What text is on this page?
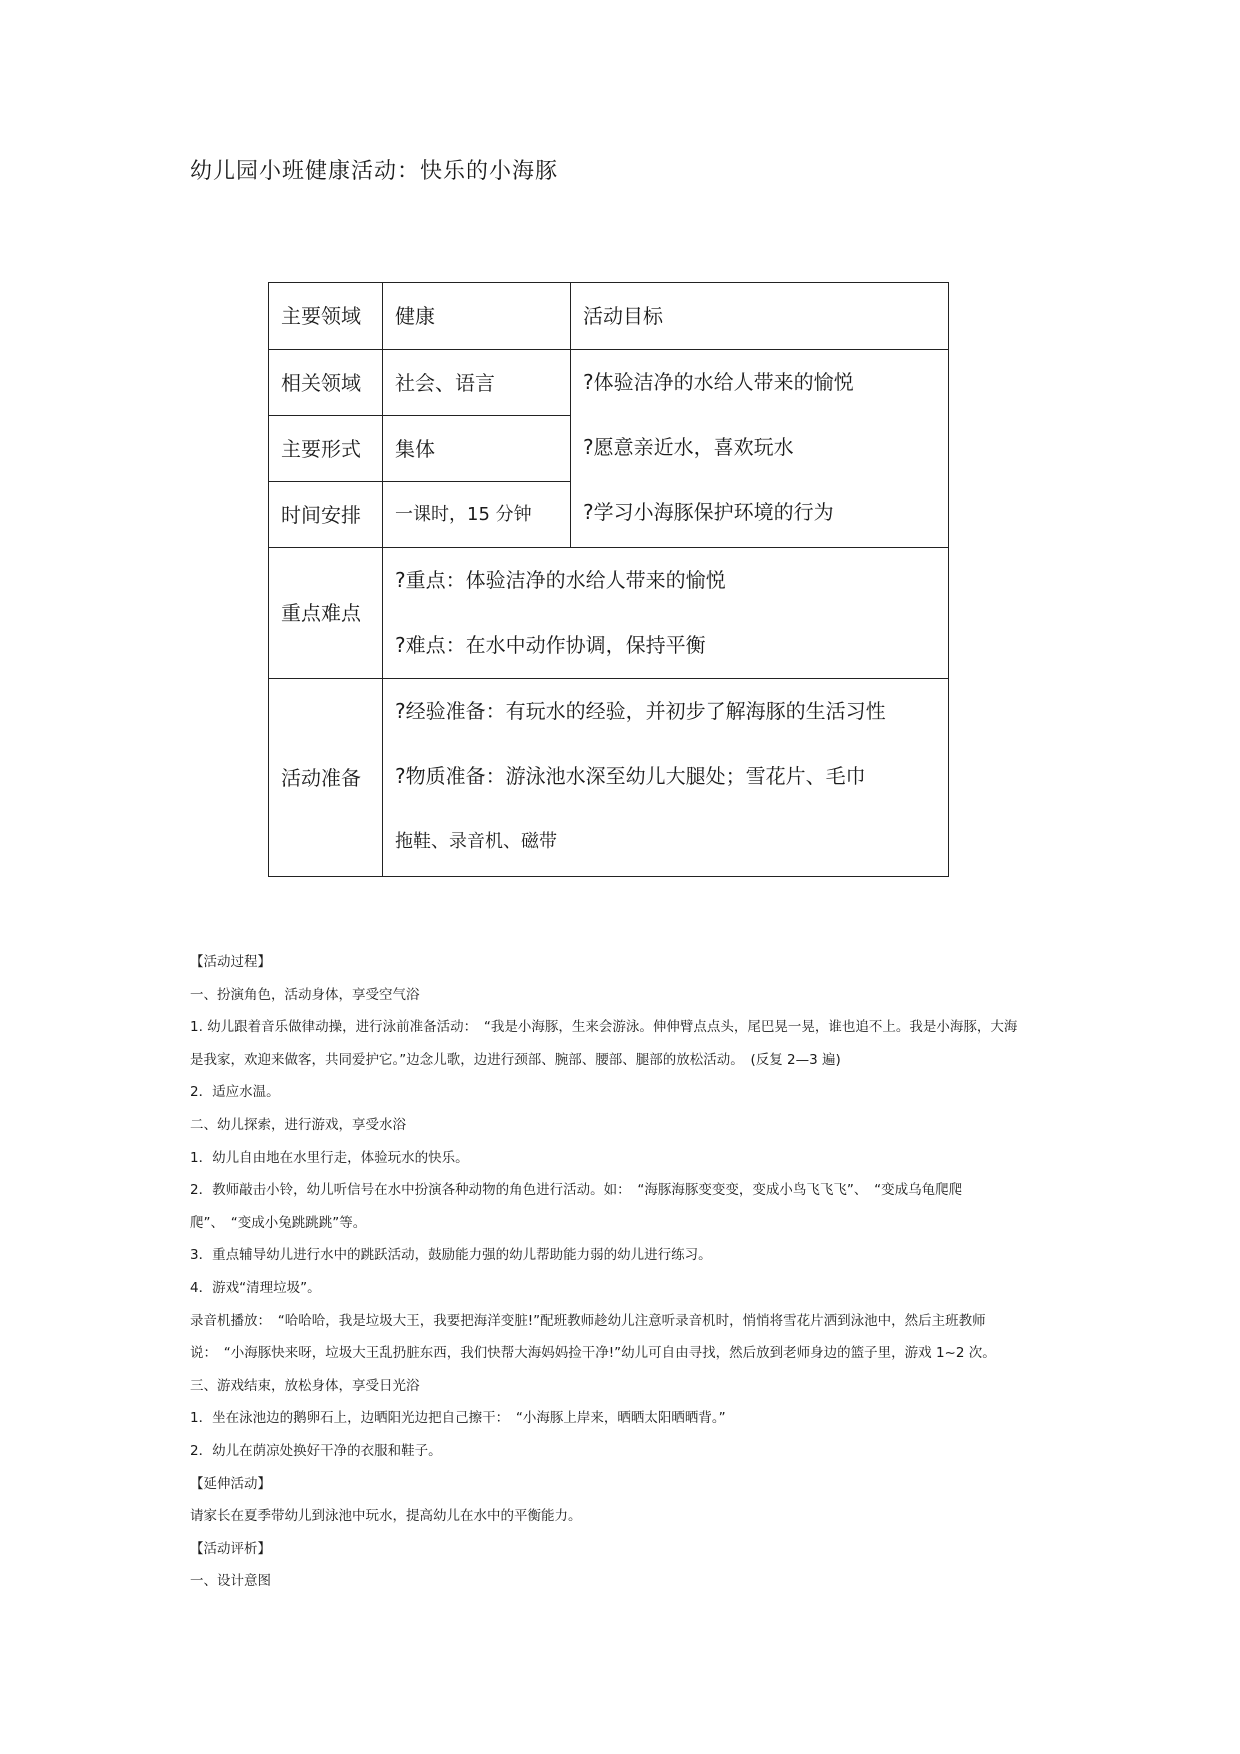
幼儿园小班健康活动：快乐的小海豚
主要领域	健康	活动目标
相关领域	社会、语言	?体验洁净的水给人带来的愉悦
?愿意亲近水，喜欢玩水
?学习小海豚保护环境的行为

主要形式	集体	
时间安排	一课时，15 分钟	
重点难点	?重点：体验洁净的水给人带来的愉悦
?难点：在水中动作协调，保持平衡	

活动准备	?经验准备：有玩水的经验，并初步了解海豚的生活习性
?物质准备：游泳池水深至幼儿大腿处；雪花片、毛巾
拖鞋、录音机、磁带	

【活动过程】

一、扮演角色，活动身体，享受空气浴

1. 幼儿跟着音乐做律动操，进行泳前准备活动：　“我是小海豚，生来会游泳。伸伸臂点点头，尾巴晃一晃，谁也追不上。我是小海豚，大海

是我家，欢迎来做客，共同爱护它。”边念儿歌，边进行颈部、腕部、腰部、腿部的放松活动。　(反复 2—3 遍)

2．适应水温。

二、幼儿探索，进行游戏，享受水浴

1．幼儿自由地在水里行走，体验玩水的快乐。

2．教师敲击小铃，幼儿听信号在水中扮演各种动物的角色进行活动。如：　“海豚海豚变变变，变成小鸟飞飞飞”、　“变成乌龟爬爬

爬”、　“变成小兔跳跳跳”等。

3．重点辅导幼儿进行水中的跳跃活动，鼓励能力强的幼儿帮助能力弱的幼儿进行练习。

4．游戏“清理垃圾”。

录音机播放：　“哈哈哈，我是垃圾大王，我要把海洋变脏!”配班教师趁幼儿注意听录音机时，悄悄将雪花片洒到泳池中，然后主班教师

说：　“小海豚快来呀，垃圾大王乱扔脏东西，我们快帮大海妈妈捡干净!”幼儿可自由寻找，然后放到老师身边的篮子里，游戏 1~2 次。

三、游戏结束，放松身体，享受日光浴

1．坐在泳池边的鹅卵石上，边晒阳光边把自己擦干：　“小海豚上岸来，晒晒太阳晒晒背。”

2．幼儿在荫凉处换好干净的衣服和鞋子。

【延伸活动】

请家长在夏季带幼儿到泳池中玩水，提高幼儿在水中的平衡能力。

【活动评析】

一、设计意图
